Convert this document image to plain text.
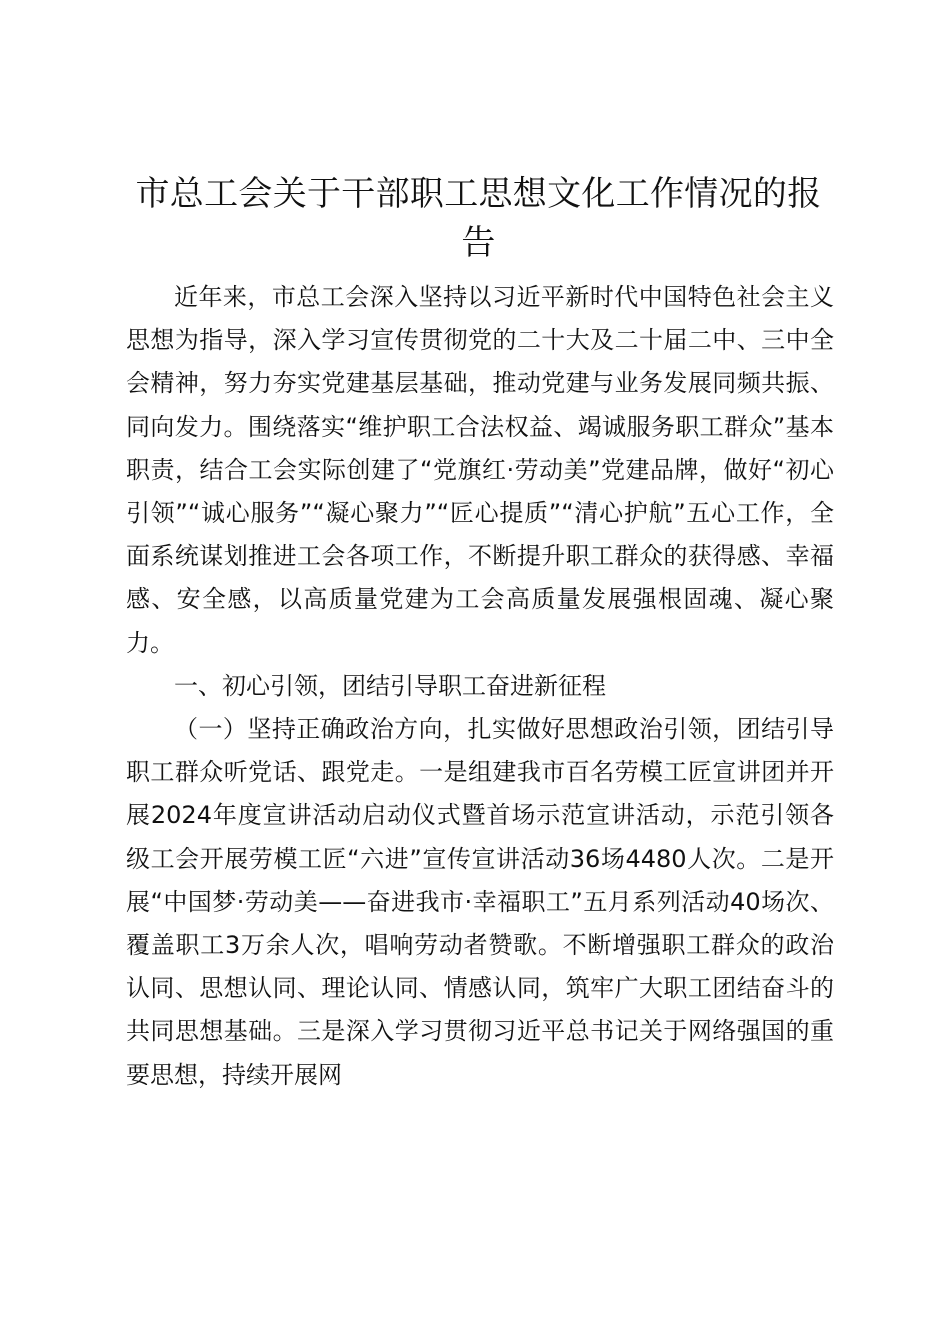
市总工会关于干部职工思想文化工作情况的报告

近年来，市总工会深入坚持以习近平新时代中国特色社会主义思想为指导，深入学习宣传贯彻党的二十大及二十届二中、三中全会精神，努力夯实党建基层基础，推动党建与业务发展同频共振、同向发力。围绕落实“维护职工合法权益、竭诚服务职工群众”基本职责，结合工会实际创建了“党旗红·劳动美”党建品牌，做好“初心引领”“诚心服务”“凝心聚力”“匠心提质”“清心护航”五心工作，全面系统谋划推进工会各项工作，不断提升职工群众的获得感、幸福感、安全感，以高质量党建为工会高质量发展强根固魂、凝心聚力。

一、初心引领，团结引导职工奋进新征程

（一）坚持正确政治方向，扎实做好思想政治引领，团结引导职工群众听党话、跟党走。一是组建我市百名劳模工匠宣讲团并开展2024年度宣讲活动启动仪式暨首场示范宣讲活动，示范引领各级工会开展劳模工匠“六进”宣传宣讲活动36场4480人次。二是开展“中国梦·劳动美——奋进我市·幸福职工”五月系列活动40场次、覆盖职工3万余人次，唱响劳动者赞歌。不断增强职工群众的政治认同、思想认同、理论认同、情感认同，筑牢广大职工团结奋斗的共同思想基础。三是深入学习贯彻习近平总书记关于网络强国的重要思想，持续开展网
